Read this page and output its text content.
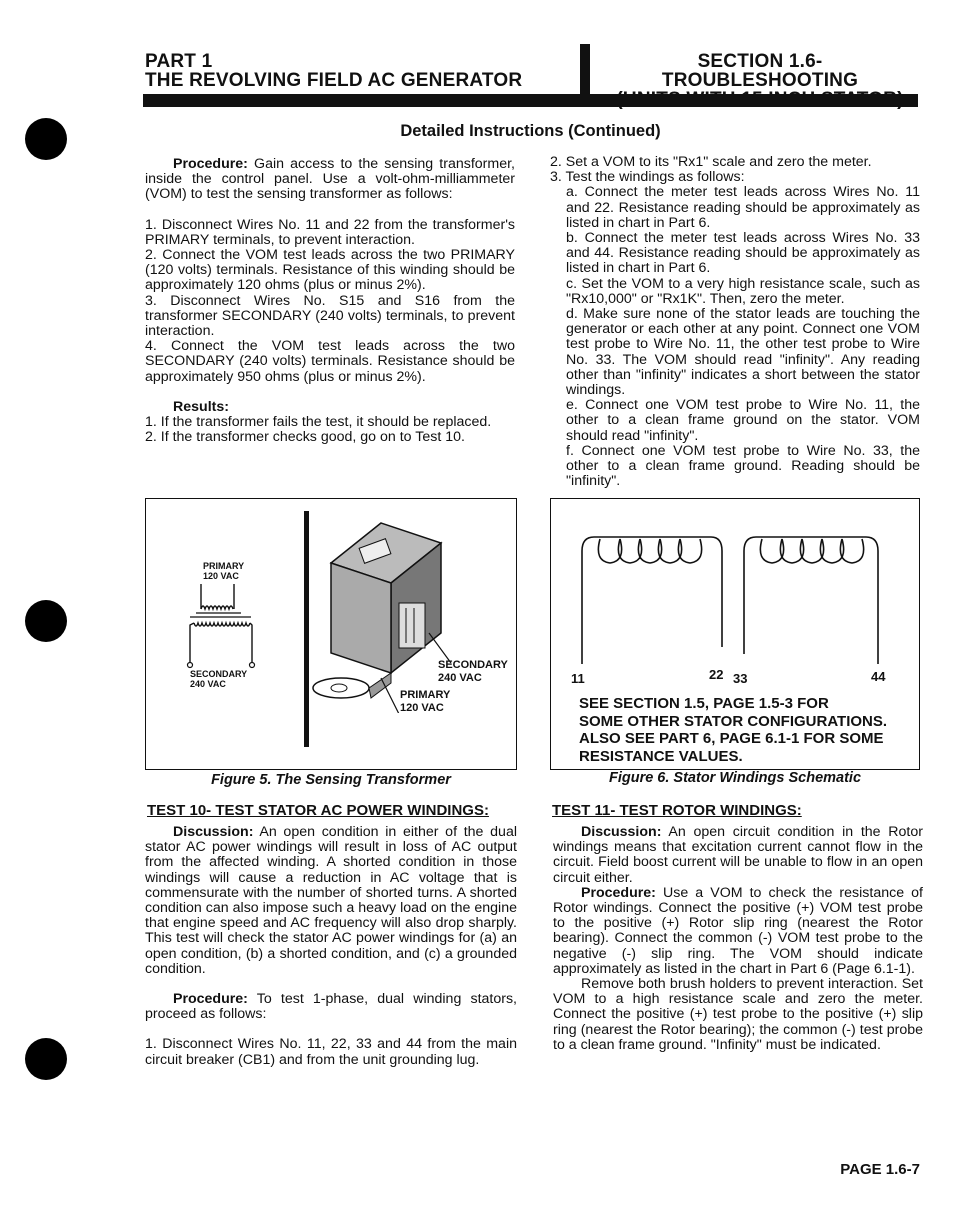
PART 1
THE REVOLVING FIELD AC GENERATOR
SECTION 1.6- TROUBLESHOOTING
Detailed Instructions (Continued)

Procedure: Gain access to the sensing transformer, inside the control panel. Use a volt-ohm-milliammeter (VOM) to test the sensing transformer as follows:

1. Disconnect Wires No. 11 and 22 from the transformer's PRIMARY terminals, to prevent interaction.

2. Connect the VOM test leads across the two PRIMARY (120 volts) terminals. Resistance of this winding should be approximately 120 ohms (plus or minus 2%).

3. Disconnect Wires No. S15 and S16 from the transformer SECONDARY (240 volts) terminals, to prevent interaction.

4. Connect the VOM test leads across the two SECONDARY (240 volts) terminals. Resistance should be approximately 950 ohms (plus or minus 2%).

Results:

1. If the transformer fails the test, it should be replaced.

2. If the transformer checks good, go on to Test 10.

2. Set a VOM to its "Rx1" scale and zero the meter.

3. Test the windings as follows:

a. Connect the meter test leads across Wires No. 11 and 22. Resistance reading should be approximately as listed in chart in Part 6.

b. Connect the meter test leads across Wires No. 33 and 44. Resistance reading should be approximately as listed in chart in Part 6.

c. Set the VOM to a very high resistance scale, such as "Rx10,000" or "Rx1K". Then, zero the meter.

d. Make sure none of the stator leads are touching the generator or each other at any point. Connect one VOM test probe to Wire No. 11, the other test probe to Wire No. 33. The VOM should read "infinity". Any reading other than "infinity" indicates a short between the stator windings.

e. Connect one VOM test probe to Wire No. 11, the other to a clean frame ground on the stator. VOM should read "infinity".

f. Connect one VOM test probe to Wire No. 33, the other to a clean frame ground. Reading should be "infinity".

PRIMARY
120 VAC
SECONDARY
240 VAC
SECONDARY
240 VAC
PRIMARY
120 VAC
Figure 5. The Sensing Transformer
11	22 33	44
SEE SECTION 1.5, PAGE 1.5-3 FOR
SOME OTHER STATOR CONFIGURATIONS.
ALSO SEE PART 6, PAGE 6.1-1 FOR SOME
RESISTANCE VALUES.
Figure 6. Stator Windings Schematic
TEST 10- TEST STATOR AC POWER WINDINGS:

Discussion: An open condition in either of the dual stator AC power windings will result in loss of AC output from the affected winding. A shorted condition in those windings will cause a reduction in AC voltage that is commensurate with the number of shorted turns. A shorted condition can also impose such a heavy load on the engine that engine speed and AC frequency will also drop sharply. This test will check the stator AC power windings for (a) an open condition, (b) a shorted condition, and (c) a grounded condition.

Procedure: To test 1-phase, dual winding stators, proceed as follows:

1. Disconnect Wires No. 11, 22, 33 and 44 from the main circuit breaker (CB1) and from the unit grounding lug.

TEST 11- TEST ROTOR WINDINGS:

Discussion: An open circuit condition in the Rotor windings means that excitation current cannot flow in the circuit. Field boost current will be unable to flow in an open circuit either.

Procedure: Use a VOM to check the resistance of Rotor windings. Connect the positive (+) VOM test probe to the positive (+) Rotor slip ring (nearest the Rotor bearing). Connect the common (-) VOM test probe to the negative (-) slip ring. The VOM should indicate approximately as listed in the chart in Part 6 (Page 6.1-1).

Remove both brush holders to prevent interaction. Set VOM to a high resistance scale and zero the meter. Connect the positive (+) test probe to the positive (+) slip ring (nearest the Rotor bearing); the common (-) test probe to a clean frame ground. "Infinity" must be indicated.

PAGE 1.6-7
